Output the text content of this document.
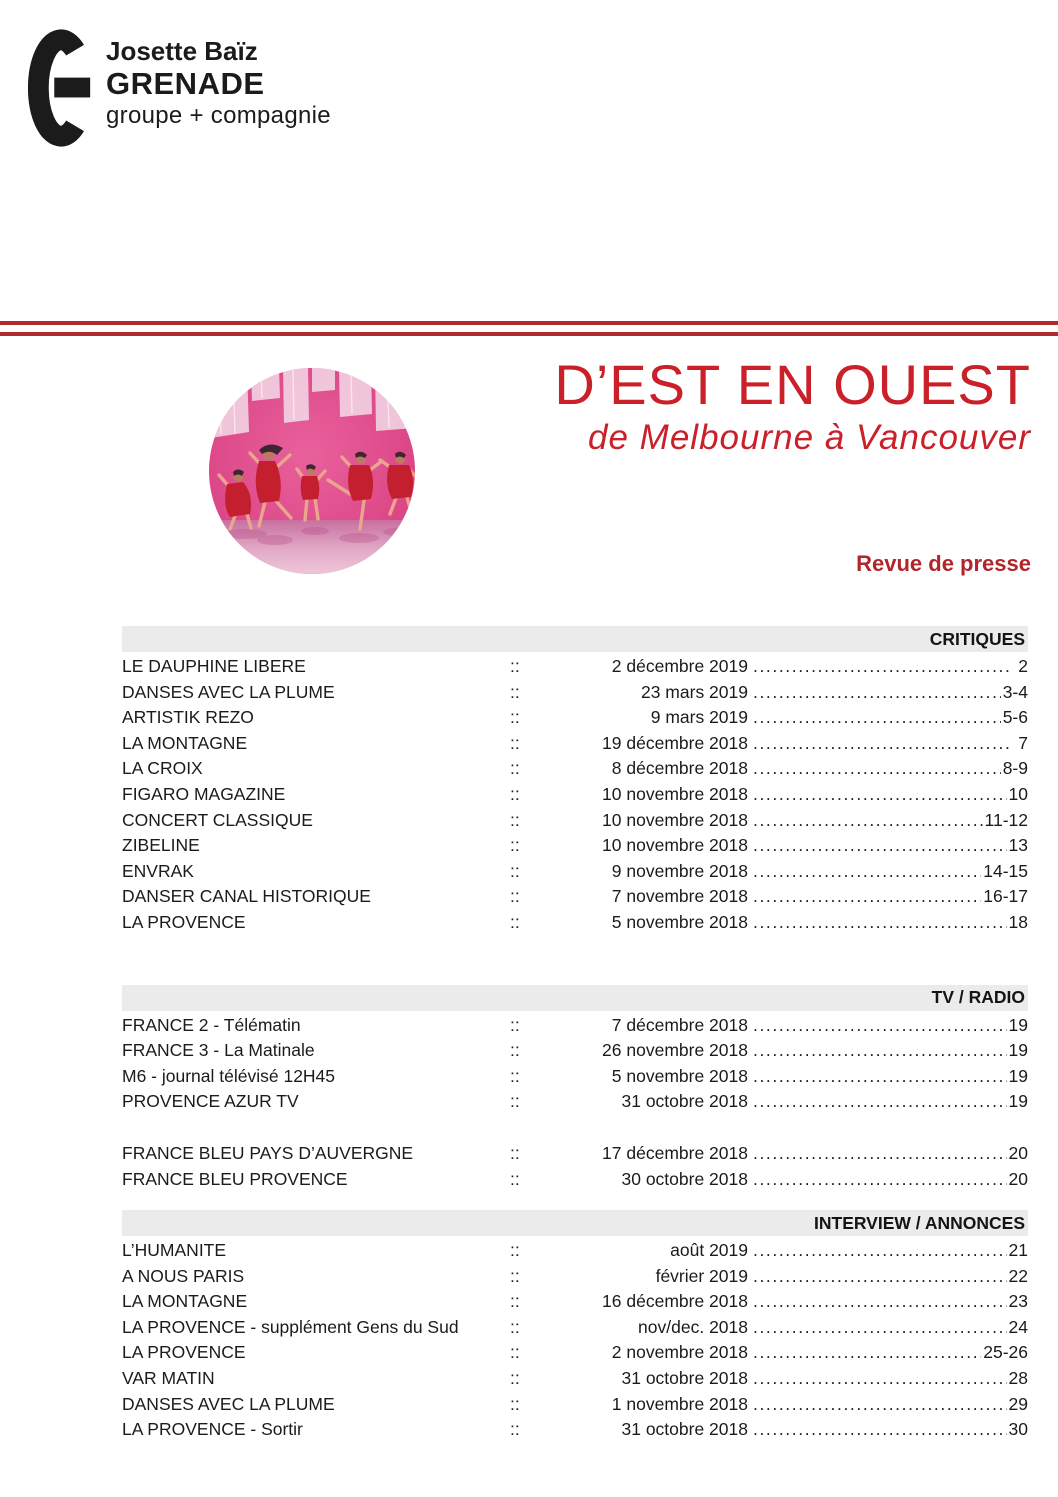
Josette Baïz
GRENADE
groupe + compagnie
D’EST EN OUEST
de Melbourne à Vancouver
Revue de presse
CRITIQUES
LE DAUPHINE LIBERE	::	2 décembre 2019 .....	2
DANSES AVEC LA PLUME	::	23 mars 2019 .....	3-4
ARTISTIK REZO	::	9 mars 2019 .....	5-6
LA MONTAGNE	::	19 décembre 2018 .....	7
LA CROIX	::	8 décembre 2018 .....	8-9
FIGARO MAGAZINE	::	10 novembre 2018 .....	10
CONCERT CLASSIQUE	::	10 novembre 2018 .....	11-12
ZIBELINE	::	10 novembre 2018 .....	13
ENVRAK	::	9 novembre 2018 .....	14-15
DANSER CANAL HISTORIQUE	::	7 novembre 2018 .....	16-17
LA PROVENCE	::	5 novembre 2018 .....	18
TV / RADIO
FRANCE 2 - Télématin	::	7 décembre 2018 .....	19
FRANCE 3 - La Matinale	::	26 novembre 2018 .....	19
M6 - journal télévisé 12H45	::	5 novembre 2018 .....	19
PROVENCE AZUR TV	::	31 octobre 2018 .....	19
FRANCE BLEU PAYS D’AUVERGNE	::	17 décembre 2018 .....	20
FRANCE BLEU PROVENCE	::	30 octobre 2018 .....	20
INTERVIEW / ANNONCES
L’HUMANITE	::	août 2019 .....	21
A NOUS PARIS	::	février 2019 .....	22
LA MONTAGNE	::	16 décembre 2018 .....	23
LA PROVENCE - supplément Gens du Sud	::	nov/dec. 2018 .....	24
LA PROVENCE	::	2 novembre 2018 .....	25-26
VAR MATIN	::	31 octobre 2018 .....	28
DANSES AVEC LA PLUME	::	1 novembre 2018 .....	29
LA PROVENCE - Sortir	::	31 octobre 2018 .....	30
